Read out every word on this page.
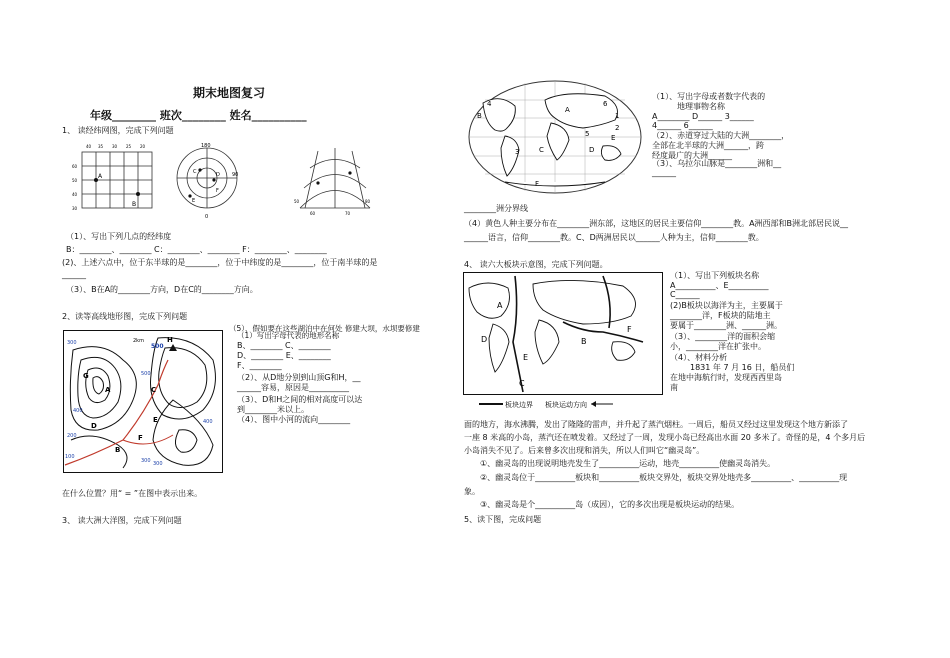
期末地图复习
年级________ 班次________ 姓名__________
1、 读经纬网图，完成下列问题
A
B
40 35 30 25 20
60
50
40
30
180
90
C	D
E
F
0
50
60	70
80
（1）、写出下列几点的经纬度
B：________、________ C：________、________ F：________、________
(2)、上述六点中，位于东半球的是________，位于中纬度的是________，位于南半球的是
______
（3）、B在A的________方向，D在C的________方向。
2、读等高线地形图，完成下列问题
300	2km
500
400
200
100
400
300
300
500
H
G
A	C
E
F
B
D
（5）、假如要在这些湖泊中在何处 修建大坝，水坝要修建
（1）写出字母代表的地形名称
B、________ C、________
D、________ E、________
F、________
（2）、从D地分别到山顶G和H，__
______容易，原因是__________
（3）、D和H之间的相对高度可以达
到________米以上。
（4）、图中小河的流向________
在什么位置？用“ = ”在图中表示出来。
3、 读大洲大洋图，完成下列问题
B
A
E
C	D
F
1
2
3
4
5
6
（1）、写出字母或者数字代表的
地理事物名称
A________ D______ 3______
4______ 6______
（2）、赤道穿过大陆的大洲________，
全部在北半球的大洲______，跨
经度最广的大洲______
（3）、乌拉尔山脉是________洲和__
______
________洲分界线
（4）黄色人种主要分布在________洲东部，这地区的居民主要信仰________教。A洲西部和B洲北部居民说__
______语言，信仰________教。C、D两洲居民以______人种为主，信仰________教。
4、 读六大板块示意图，完成下列问题。
A
B
C
D
E
F
板块边界 板块运动方向
（1）、写出下列板块名称
A__________、E__________
C______
(2)B板块以海洋为主，主要属于
________洋，F板块的陆地主
要属于________洲、______洲。
（3）、________洋的面积会缩
小，________洋在扩张中。
（4）、材料分析
1831 年 7 月 16 日，船员们
在地中海航行时，发现西西里岛
南
面的地方，海水沸腾，发出了隆隆的雷声，并升起了蒸汽烟柱。一周后，船员又经过这里发现这个地方新添了
一座 8 米高的小岛，蒸汽还在喷发着。又经过了一周，发现小岛已经高出水面 20 多米了。奇怪的是，4 个多月后
小岛消失不见了。后来曾多次出现和消失，所以人们叫它“幽灵岛”。
①、幽灵岛的出现说明地壳发生了__________运动，地壳__________使幽灵岛消失。
②、幽灵岛位于__________板块和__________板块交界处，板块交界处地壳多__________、__________现
象。
③、幽灵岛是个__________岛（成因），它的多次出现是板块运动的结果。
5、读下图，完成问题
